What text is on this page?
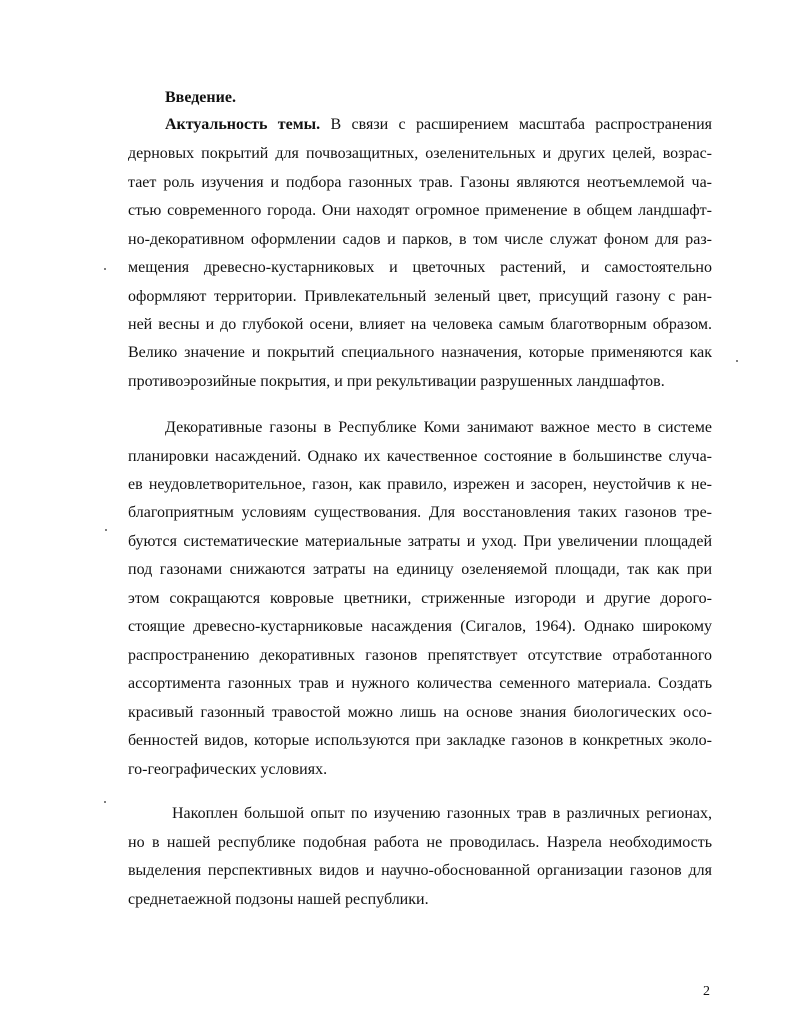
Введение.
Актуальность темы. В связи с расширением масштаба распространения
дерновых покрытий для почвозащитных, озеленительных и других целей, возрас-
тает роль изучения и подбора газонных трав. Газоны являются неотъемлемой ча-
стью современного города. Они находят огромное применение в общем ландшафт-
но-декоративном оформлении садов и парков, в том числе служат фоном для раз-
мещения древесно-кустарниковых и цветочных растений, и самостоятельно
оформляют территории. Привлекательный зеленый цвет, присущий газону с ран-
ней весны и до глубокой осени, влияет на человека самым благотворным образом.
Велико значение и покрытий специального назначения, которые применяются как
противоэрозийные покрытия, и при рекультивации разрушенных ландшафтов.
Декоративные газоны в Республике Коми занимают важное место в системе
планировки насаждений. Однако их качественное состояние в большинстве случа-
ев неудовлетворительное, газон, как правило, изрежен и засорен, неустойчив к не-
благоприятным условиям существования. Для восстановления таких газонов тре-
буются систематические материальные затраты и уход. При увеличении площадей
под газонами снижаются затраты на единицу озеленяемой площади, так как при
этом сокращаются ковровые цветники, стриженные изгороди и другие дорого-
стоящие древесно-кустарниковые насаждения (Сигалов, 1964). Однако широкому
распространению декоративных газонов препятствует отсутствие отработанного
ассортимента газонных трав и нужного количества семенного материала. Создать
красивый газонный травостой можно лишь на основе знания биологических осо-
бенностей видов, которые используются при закладке газонов в конкретных эколо-
го-географических условиях.
Накоплен большой опыт по изучению газонных трав в различных регионах,
но в нашей республике подобная работа не проводилась. Назрела необходимость
выделения перспективных видов и научно-обоснованной организации газонов для
среднетаежной подзоны нашей республики.
2
